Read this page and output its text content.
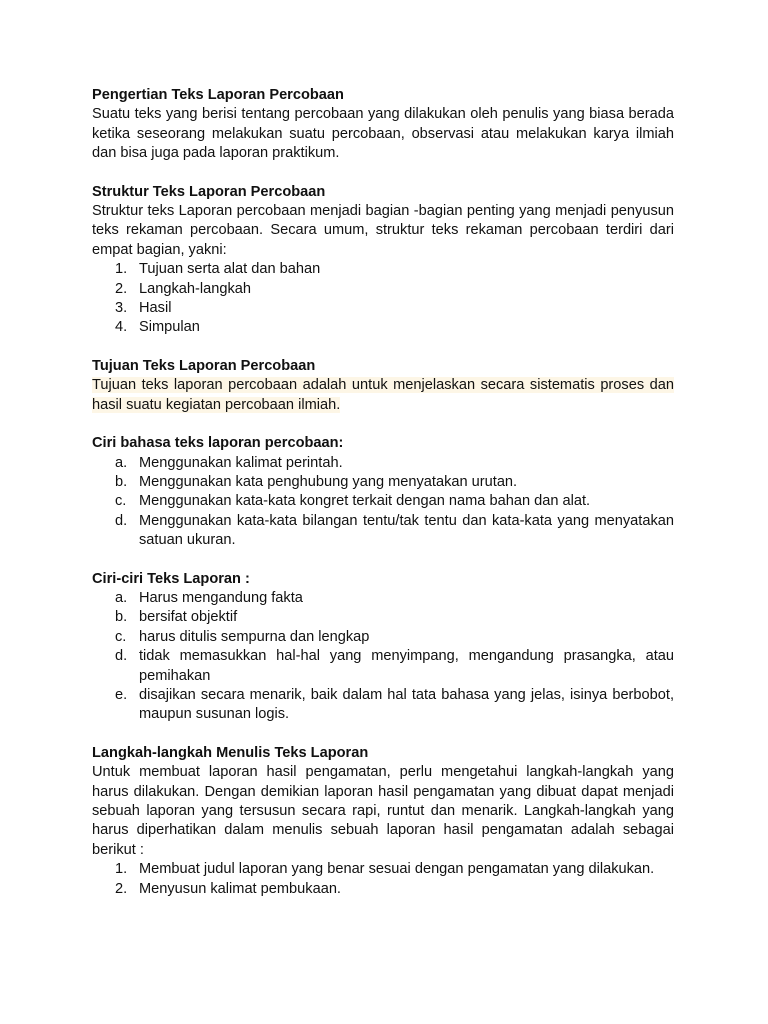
Pengertian Teks Laporan Percobaan
Suatu teks yang berisi tentang percobaan yang dilakukan oleh penulis yang biasa berada ketika seseorang melakukan suatu percobaan, observasi atau melakukan karya ilmiah dan bisa juga pada laporan praktikum.
Struktur Teks Laporan Percobaan
Struktur teks Laporan percobaan menjadi bagian -bagian penting yang menjadi penyusun teks rekaman percobaan. Secara umum, struktur teks rekaman percobaan terdiri dari empat bagian, yakni:
1. Tujuan serta alat dan bahan
2. Langkah-langkah
3. Hasil
4. Simpulan
Tujuan Teks Laporan Percobaan
Tujuan teks laporan percobaan adalah untuk menjelaskan secara sistematis proses dan hasil suatu kegiatan percobaan ilmiah.
Ciri bahasa teks laporan percobaan:
a. Menggunakan kalimat perintah.
b. Menggunakan kata penghubung yang menyatakan urutan.
c. Menggunakan kata-kata kongret terkait dengan nama bahan dan alat.
d. Menggunakan kata-kata bilangan tentu/tak tentu dan kata-kata yang menyatakan satuan ukuran.
Ciri-ciri Teks Laporan :
a. Harus mengandung fakta
b. bersifat objektif
c. harus ditulis sempurna dan lengkap
d. tidak memasukkan hal-hal yang menyimpang, mengandung prasangka, atau pemihakan
e. disajikan secara menarik, baik dalam hal tata bahasa yang jelas, isinya berbobot, maupun susunan logis.
Langkah-langkah Menulis Teks Laporan
Untuk membuat laporan hasil pengamatan, perlu mengetahui langkah-langkah yang harus dilakukan. Dengan demikian laporan hasil pengamatan yang dibuat dapat menjadi sebuah laporan yang tersusun secara rapi, runtut dan menarik. Langkah-langkah yang harus diperhatikan dalam menulis sebuah laporan hasil pengamatan adalah sebagai berikut :
1. Membuat judul laporan yang benar sesuai dengan pengamatan yang dilakukan.
2. Menyusun kalimat pembukaan.
